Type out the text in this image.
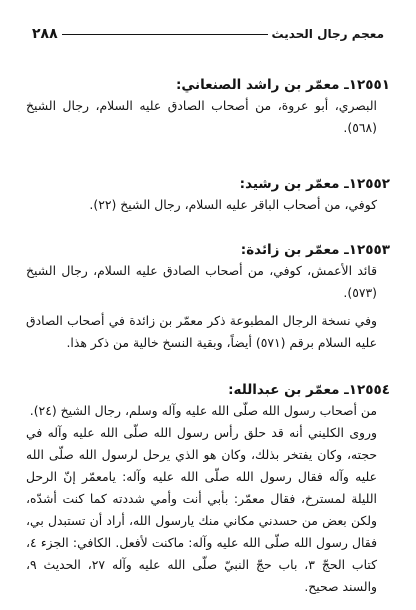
معجم رجال الحديث
٢٨٨

١٢٥٥١ـ معمّر بن راشد الصنعاني:

البصري، أبو عروة، من أصحاب الصادق عليه السلام، رجال الشيخ (٥٦٨).

١٢٥٥٢ـ معمّر بن رشيد:

كوفي، من أصحاب الباقر عليه السلام، رجال الشيخ (٢٢).

١٢٥٥٣ـ معمّر بن زائدة:

قائد الأعمش، كوفي، من أصحاب الصادق عليه السلام، رجال الشيخ (٥٧٣).

وفي نسخة الرجال المطبوعة ذكر معمّر بن زائدة في أصحاب الصادق عليه السلام برقم (٥٧١) أيضاً، وبقية النسخ خالية من ذكر هذا.

١٢٥٥٤ـ معمّر بن عبدالله:

من أصحاب رسول الله صلّى الله عليه وآله وسلم، رجال الشيخ (٢٤).

وروى الكليني أنه قد حلق رأس رسول الله صلّى الله عليه وآله في حجته، وكان يفتخر بذلك، وكان هو الذي يرحل لرسول الله صلّى الله عليه وآله فقال رسول الله صلّى الله عليه وآله: يامعمّر إنّ الرحل الليلة لمسترخ، فقال معمّر: بأبي أنت وأمي شددته كما كنت أشدّه، ولكن بعض من حسدني مكاني منك يارسول الله، أراد أن تستبدل بي، فقال رسول الله صلّى الله عليه وآله: ماكنت لأفعل. الكافي: الجزء ٤، كتاب الحجّ ٣، باب حجّ النبيّ صلّى الله عليه وآله ٢٧، الحديث ٩، والسند صحيح.
